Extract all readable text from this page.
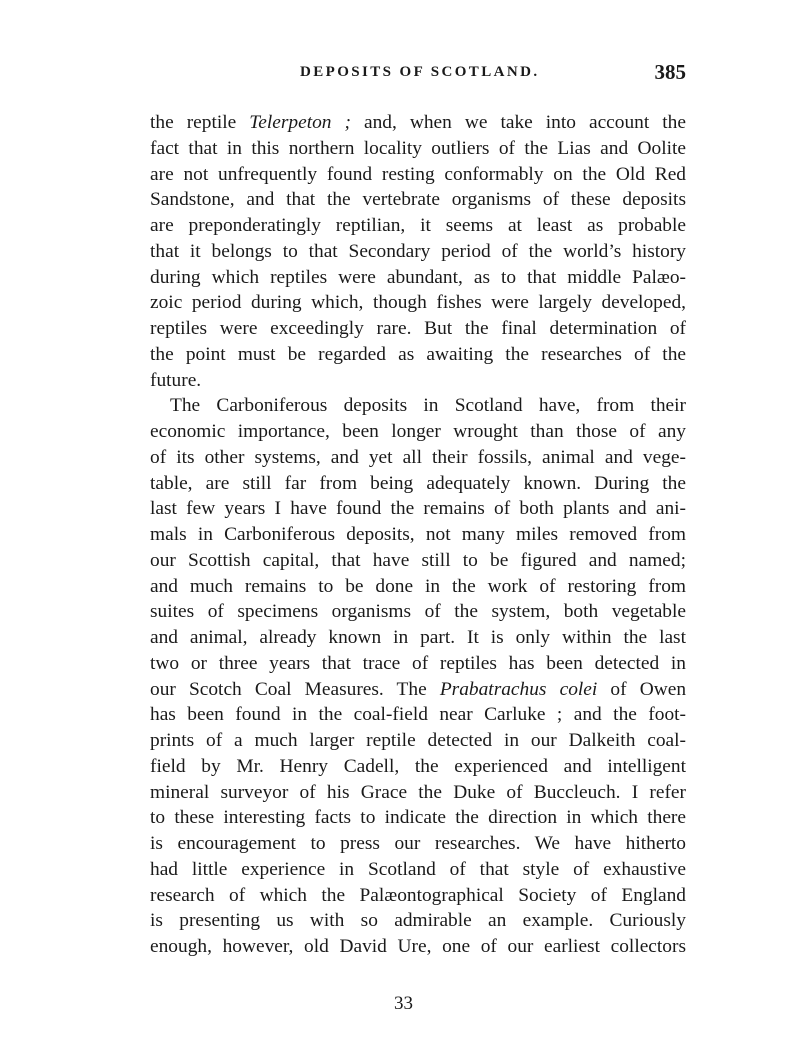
DEPOSITS OF SCOTLAND.	385
the reptile Telerpeton ; and, when we take into account the
fact that in this northern locality outliers of the Lias and Oolite
are not unfrequently found resting conformably on the Old Red
Sandstone, and that the vertebrate organisms of these deposits
are preponderatingly reptilian, it seems at least as probable
that it belongs to that Secondary period of the world’s history
during which reptiles were abundant, as to that middle Palæo-
zoic period during which, though fishes were largely developed,
reptiles were exceedingly rare. But the final determination of
the point must be regarded as awaiting the researches of the
future.
The Carboniferous deposits in Scotland have, from their
economic importance, been longer wrought than those of any
of its other systems, and yet all their fossils, animal and vege-
table, are still far from being adequately known. During the
last few years I have found the remains of both plants and ani-
mals in Carboniferous deposits, not many miles removed from
our Scottish capital, that have still to be figured and named;
and much remains to be done in the work of restoring from
suites of specimens organisms of the system, both vegetable
and animal, already known in part. It is only within the last
two or three years that trace of reptiles has been detected in
our Scotch Coal Measures. The Prabatrachus colei of Owen
has been found in the coal-field near Carluke ; and the foot-
prints of a much larger reptile detected in our Dalkeith coal-
field by Mr. Henry Cadell, the experienced and intelligent
mineral surveyor of his Grace the Duke of Buccleuch. I refer
to these interesting facts to indicate the direction in which there
is encouragement to press our researches. We have hitherto
had little experience in Scotland of that style of exhaustive
research of which the Palæontographical Society of England
is presenting us with so admirable an example. Curiously
enough, however, old David Ure, one of our earliest collectors
33
